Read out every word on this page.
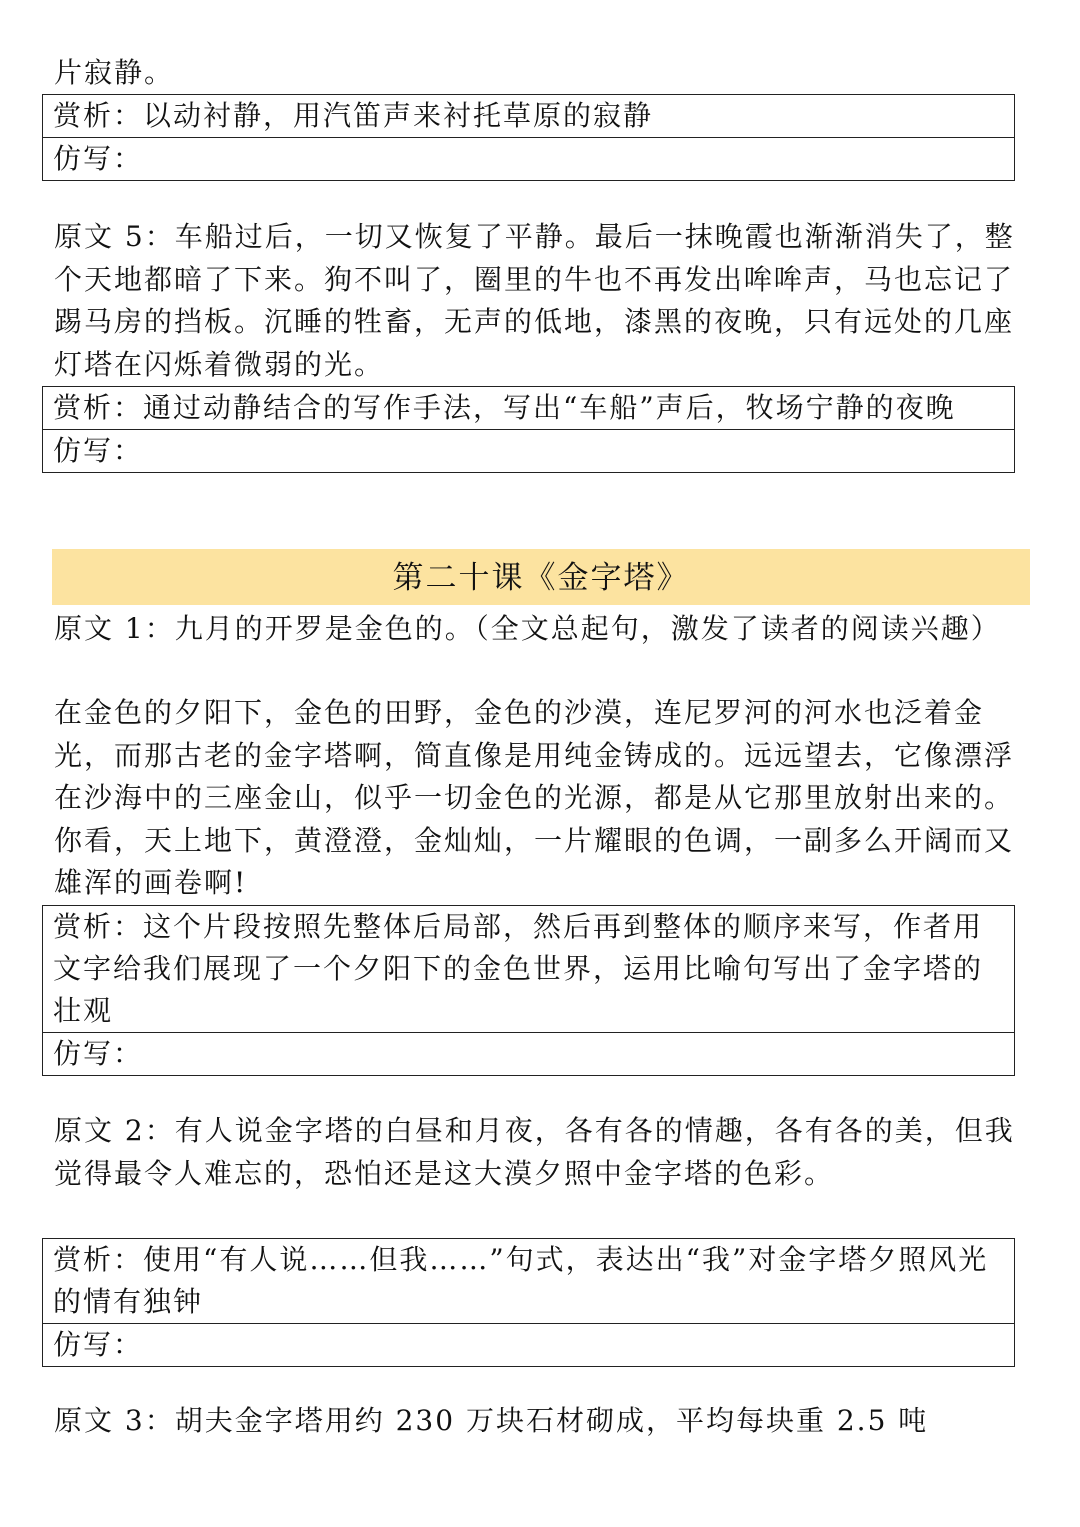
片寂静。

赏析：以动衬静，用汽笛声来衬托草原的寂静
仿写：

原文 5：车船过后，一切又恢复了平静。最后一抹晚霞也渐渐消失了，整个天地都暗了下来。狗不叫了，圈里的牛也不再发出哞哞声，马也忘记了踢马房的挡板。沉睡的牲畜，无声的低地，漆黑的夜晚，只有远处的几座灯塔在闪烁着微弱的光。

赏析：通过动静结合的写作手法，写出“车船”声后，牧场宁静的夜晚
仿写：
第二十课《金字塔》

原文 1：九月的开罗是金色的。（全文总起句，激发了读者的阅读兴趣）

在金色的夕阳下，金色的田野，金色的沙漠，连尼罗河的河水也泛着金光，而那古老的金字塔啊，简直像是用纯金铸成的。远远望去，它像漂浮在沙海中的三座金山，似乎一切金色的光源，都是从它那里放射出来的。你看，天上地下，黄澄澄，金灿灿，一片耀眼的色调，一副多么开阔而又雄浑的画卷啊!

赏析：这个片段按照先整体后局部，然后再到整体的顺序来写，作者用文字给我们展现了一个夕阳下的金色世界，运用比喻句写出了金字塔的壮观
仿写：

原文 2：有人说金字塔的白昼和月夜，各有各的情趣，各有各的美，但我觉得最令人难忘的，恐怕还是这大漠夕照中金字塔的色彩。

赏析：使用“有人说……但我……”句式，表达出“我”对金字塔夕照风光的情有独钟
仿写：

原文 3：胡夫金字塔用约 230 万块石材砌成，平均每块重 2.5 吨
